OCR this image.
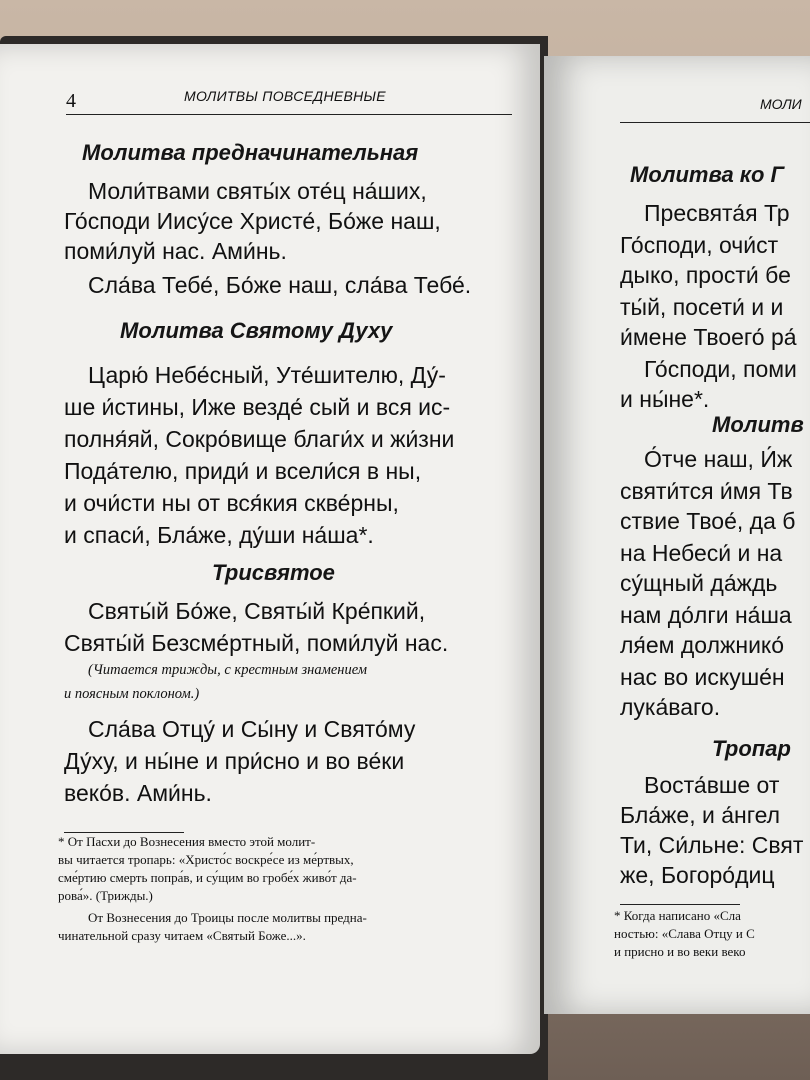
4	МОЛИТВЫ ПОВСЕДНЕВНЫЕ
Молитва предначинательная
Моли́твами святы́х оте́ц на́ших,
Го́споди Иису́се Христе́, Бо́же наш,
поми́луй нас. Ами́нь.
Сла́ва Тебе́, Бо́же наш, сла́ва Тебе́.
Молитва Святому Духу
Царю́ Небе́сный, Уте́шителю, Ду́-
ше и́стины, Иже везде́ сый и вся ис-
полня́яй, Сокро́вище благи́х и жи́зни
Пода́телю, приди́ и всели́ся в ны,
и очи́сти ны от вся́кия скве́рны,
и спаси́, Бла́же, ду́ши на́ша*.
Трисвятое
Святы́й Бо́же, Святы́й Кре́пкий,
Святы́й Безсме́ртный, поми́луй нас.
(Читается трижды, с крестным знамением
и поясным поклоном.)
Сла́ва Отцу́ и Сы́ну и Свято́му
Ду́ху, и ны́не и при́сно и во ве́ки
веко́в. Ами́нь.
* От Пасхи до Вознесения вместо этой молит-
вы читается тропарь: «Христо́с воскре́се из ме́ртвых,
сме́ртию смерть попра́в, и су́щим во гробе́х живо́т да-
рова́». (Трижды.)
От Вознесения до Троицы после молитвы предна-
чинательной сразу читаем «Святый Боже...».
МОЛИ
Молитва ко Г
Пресвята́я Тр
Го́споди, очи́ст
дыко, прости́ бе
ты́й, посети́ и и
и́мене Твоего́ ра́
Го́споди, поми
и ны́не*.
Молитв
О́тче наш, И́ж
святи́тся и́мя Тв
ствие Твое́, да б
на Небеси́ и на
су́щный да́ждь
нам до́лги на́ша
ля́ем должнико́
нас во искуше́н
лука́ваго.
Тропар
Воста́вше от
Бла́же, и а́нгел
Ти, Си́льне: Свят
же, Богоро́диц
* Когда написано «Сла
ностью: «Слава Отцу и С
и присно и во веки веко
